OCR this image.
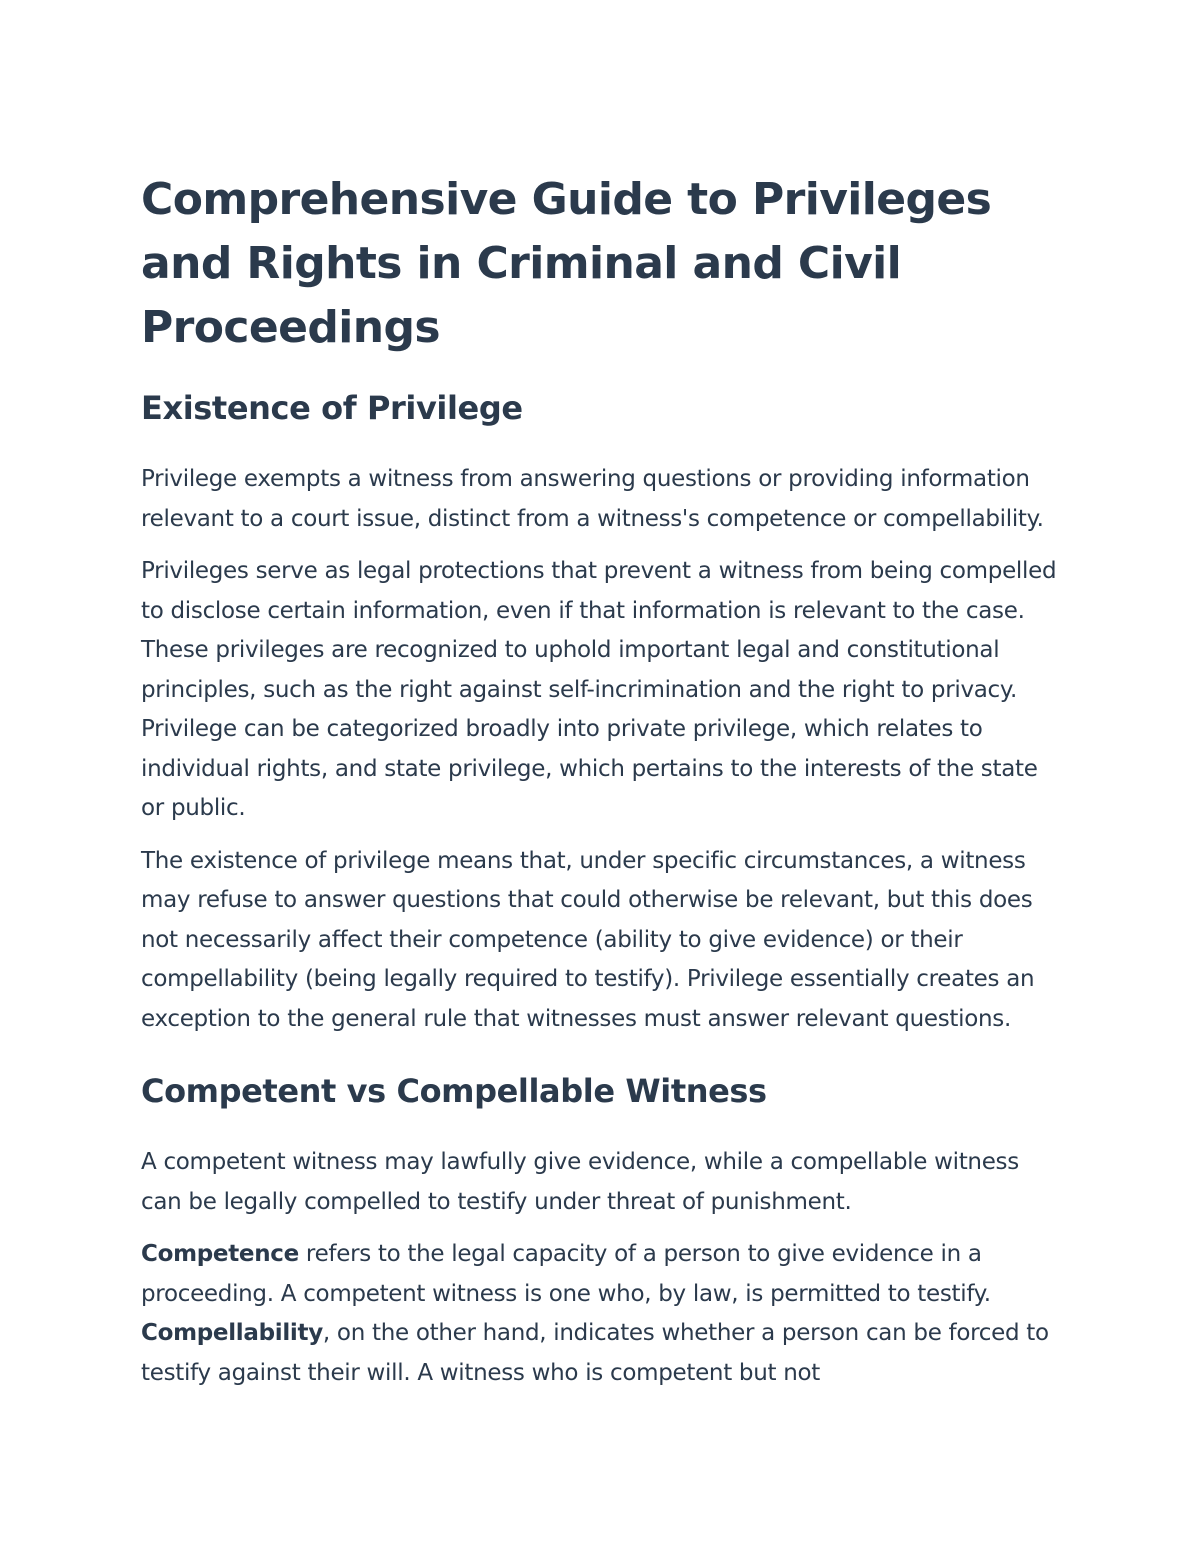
Comprehensive Guide to Privileges and Rights in Criminal and Civil Proceedings
Existence of Privilege

Privilege exempts a witness from answering questions or providing information relevant to a court issue, distinct from a witness's competence or compellability.

Privileges serve as legal protections that prevent a witness from being compelled to disclose certain information, even if that information is relevant to the case. These privileges are recognized to uphold important legal and constitutional principles, such as the right against self-incrimination and the right to privacy. Privilege can be categorized broadly into private privilege, which relates to individual rights, and state privilege, which pertains to the interests of the state or public.

The existence of privilege means that, under specific circumstances, a witness may refuse to answer questions that could otherwise be relevant, but this does not necessarily affect their competence (ability to give evidence) or their compellability (being legally required to testify). Privilege essentially creates an exception to the general rule that witnesses must answer relevant questions.

Competent vs Compellable Witness

A competent witness may lawfully give evidence, while a compellable witness can be legally compelled to testify under threat of punishment.

Competence refers to the legal capacity of a person to give evidence in a proceeding. A competent witness is one who, by law, is permitted to testify. Compellability, on the other hand, indicates whether a person can be forced to testify against their will. A witness who is competent but not
